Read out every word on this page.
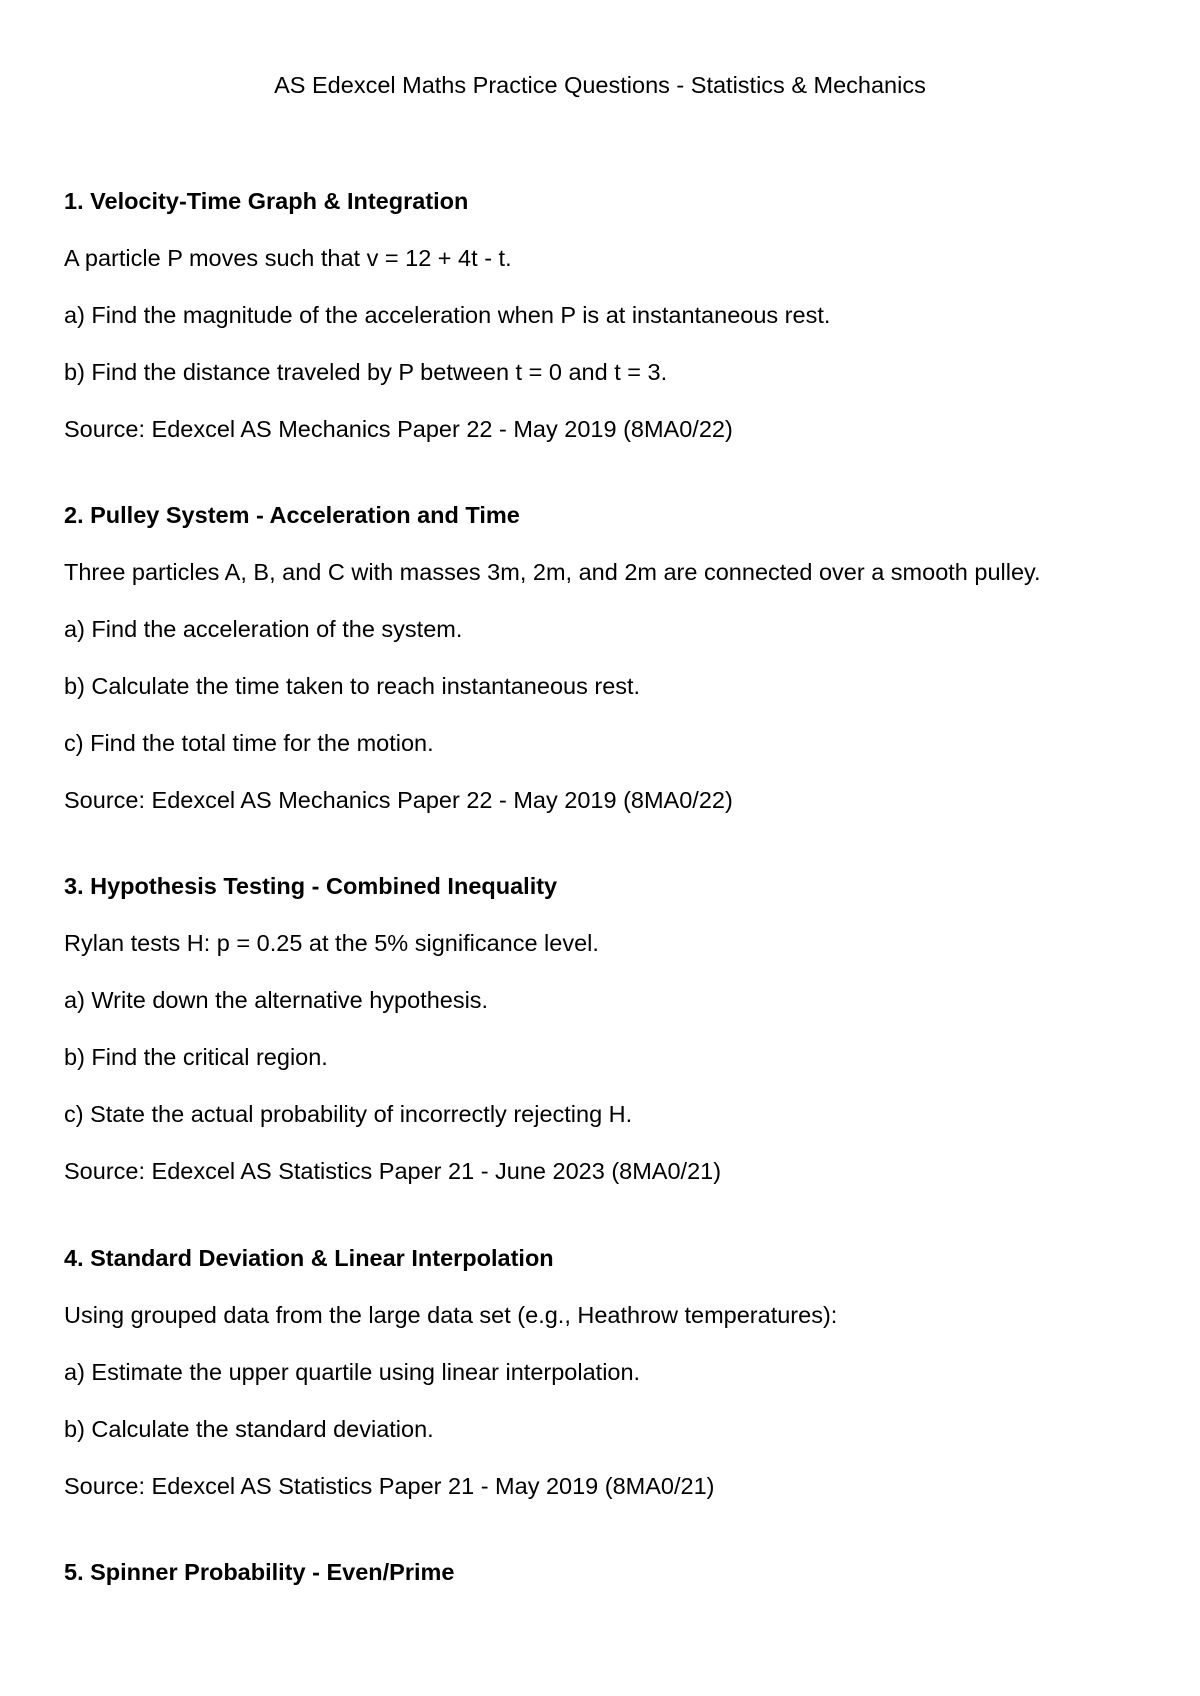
AS Edexcel Maths Practice Questions - Statistics & Mechanics

1. Velocity-Time Graph & Integration

A particle P moves such that v = 12 + 4t - t.

a) Find the magnitude of the acceleration when P is at instantaneous rest.

b) Find the distance traveled by P between t = 0 and t = 3.

Source: Edexcel AS Mechanics Paper 22 - May 2019 (8MA0/22)

2. Pulley System - Acceleration and Time

Three particles A, B, and C with masses 3m, 2m, and 2m are connected over a smooth pulley.

a) Find the acceleration of the system.

b) Calculate the time taken to reach instantaneous rest.

c) Find the total time for the motion.

Source: Edexcel AS Mechanics Paper 22 - May 2019 (8MA0/22)

3. Hypothesis Testing - Combined Inequality

Rylan tests H: p = 0.25 at the 5% significance level.

a) Write down the alternative hypothesis.

b) Find the critical region.

c) State the actual probability of incorrectly rejecting H.

Source: Edexcel AS Statistics Paper 21 - June 2023 (8MA0/21)

4. Standard Deviation & Linear Interpolation

Using grouped data from the large data set (e.g., Heathrow temperatures):

a) Estimate the upper quartile using linear interpolation.

b) Calculate the standard deviation.

Source: Edexcel AS Statistics Paper 21 - May 2019 (8MA0/21)

5. Spinner Probability - Even/Prime
